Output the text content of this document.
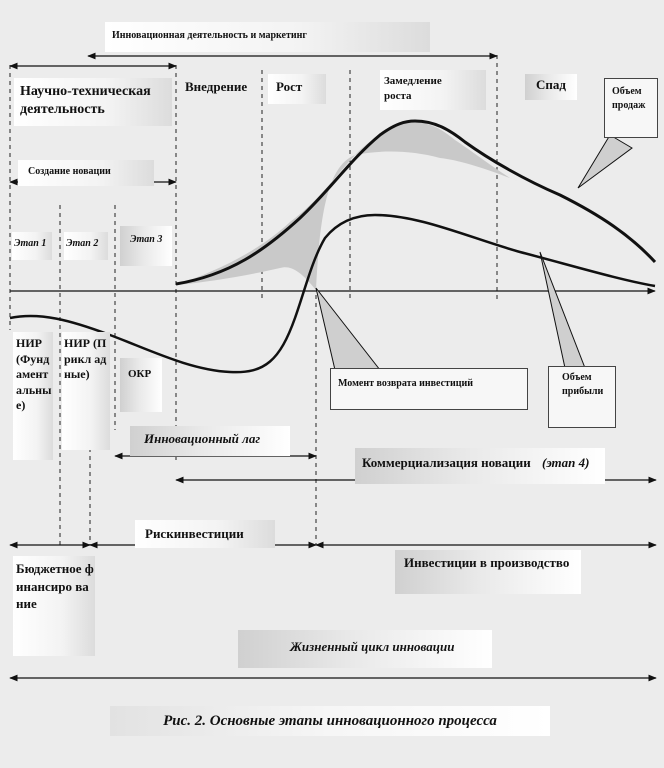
Инновационная деятельность и маркетинг
Научно-техническая
деятельность
Создание новации
Внедрение	Рост	Замедление
роста
Спад	Объем
продаж
Этап 1	Этап 2	Этап 3
НИР (Фунд амент альны е)
НИР (Прикл адные)	ОКР
Момент возврата инвестиций
Объем
прибыли
Инновационный лаг
Коммерциализация новации (этап 4)
Рискинвестиции
Инвестиции в производство
Бюджетное финансиро вание
Жизненный цикл инновации
Рис. 2. Основные этапы инновационного процесса
